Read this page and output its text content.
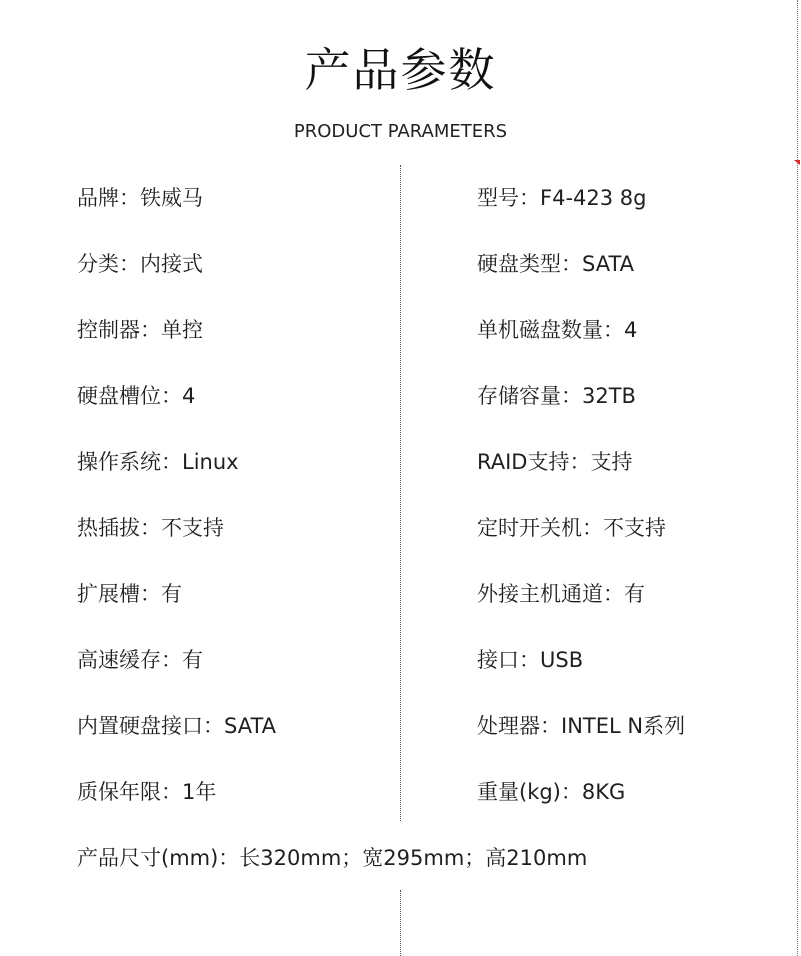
产品参数
PRODUCT PARAMETERS
品牌：铁威马
分类：内接式
控制器：单控
硬盘槽位：4
操作系统：Linux
热插拔：不支持
扩展槽：有
高速缓存：有
内置硬盘接口：SATA
质保年限：1年
型号：F4-423 8g
硬盘类型：SATA
单机磁盘数量：4
存储容量：32TB
RAID支持：支持
定时开关机：不支持
外接主机通道：有
接口：USB
处理器：INTEL N系列
重量(kg)：8KG
产品尺寸(mm)：长320mm；宽295mm；高210mm
